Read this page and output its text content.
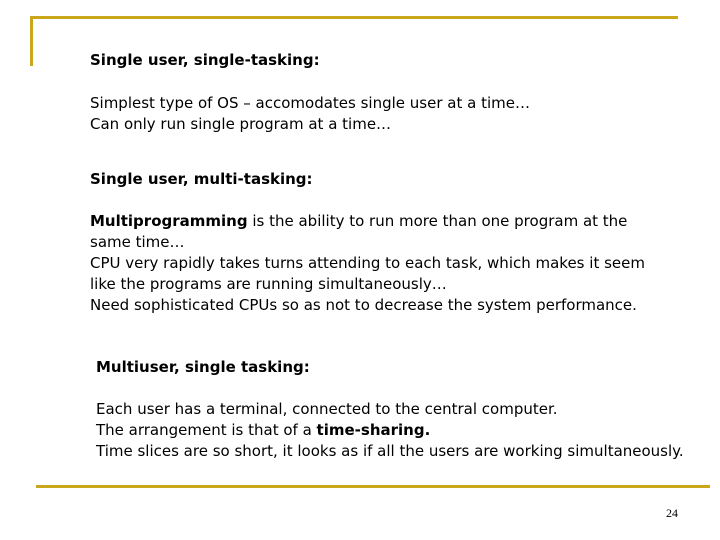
Single user, single-tasking:
Simplest type of OS – accomodates single user at a time…
Can only run single program at a time…
Single user, multi-tasking:
Multiprogramming is the ability to run more than one program at the
same time…
CPU very rapidly takes turns attending to each task, which makes it seem
like the programs are running simultaneously…
Need sophisticated CPUs so as not to decrease the system performance.
Multiuser, single tasking:
Each user has a terminal, connected to the central computer.
The arrangement is that of a time-sharing.
Time slices are so short, it looks as if all the users are working simultaneously.
24
